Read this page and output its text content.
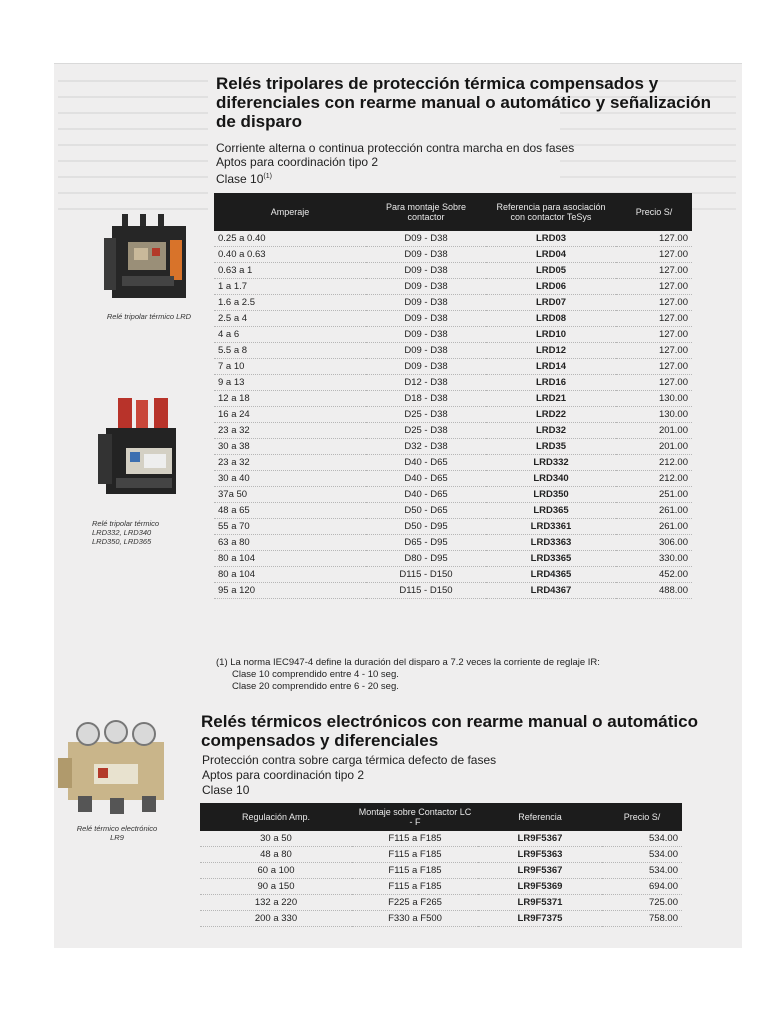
Relés tripolares de protección térmica compensados y
diferenciales con rearme manual o automático y señalización
de disparo

Corriente alterna o continua protección contra marcha en dos fases

Aptos para coordinación tipo 2

Clase 10$^{(1)}$

Relé tripolar térmico LRD
Relé tripolar térmico
LRD332, LRD340
LRD350, LRD365
Amperaje	Para montaje Sobre contactor	Referencia para asociación con contactor TeSys	Precio S/
0.25 a 0.40	D09 - D38	LRD03	127.00
0.40 a 0.63	D09 - D38	LRD04	127.00
0.63 a 1	D09 - D38	LRD05	127.00
1 a 1.7	D09 - D38	LRD06	127.00
1.6 a 2.5	D09 - D38	LRD07	127.00
2.5 a 4	D09 - D38	LRD08	127.00
4 a 6	D09 - D38	LRD10	127.00
5.5 a 8	D09 - D38	LRD12	127.00
7 a 10	D09 - D38	LRD14	127.00
9 a 13	D12 - D38	LRD16	127.00
12 a 18	D18 - D38	LRD21	130.00
16 a 24	D25 - D38	LRD22	130.00
23 a 32	D25 - D38	LRD32	201.00
30 a 38	D32 - D38	LRD35	201.00
23 a 32	D40 - D65	LRD332	212.00
30 a 40	D40 - D65	LRD340	212.00
37a 50	D40 - D65	LRD350	251.00
48 a 65	D50 - D65	LRD365	261.00
55 a 70	D50 - D95	LRD3361	261.00
63 a 80	D65 - D95	LRD3363	306.00
80 a 104	D80 - D95	LRD3365	330.00
80 a 104	D115 - D150	LRD4365	452.00
95 a 120	D115 - D150	LRD4367	488.00
(1) La norma IEC947-4 define la duración del disparo a 7.2 veces la corriente de reglaje IR:
Clase 10 comprendido entre 4 - 10 seg.
Clase 20 comprendido entre 6 - 20 seg.
Relés térmicos electrónicos con rearme manual o automático
compensados y diferenciales

Protección contra sobre carga térmica defecto de fases

Aptos para coordinación tipo 2

Clase 10

Relé térmico electrónico
LR9
Regulación Amp.	Montaje sobre Contactor LC - F	Referencia	Precio S/
30 a 50	F115 a F185	LR9F5367	534.00
48 a 80	F115 a F185	LR9F5363	534.00
60 a 100	F115 a F185	LR9F5367	534.00
90 a 150	F115 a F185	LR9F5369	694.00
132 a 220	F225 a F265	LR9F5371	725.00
200 a 330	F330 a F500	LR9F7375	758.00
